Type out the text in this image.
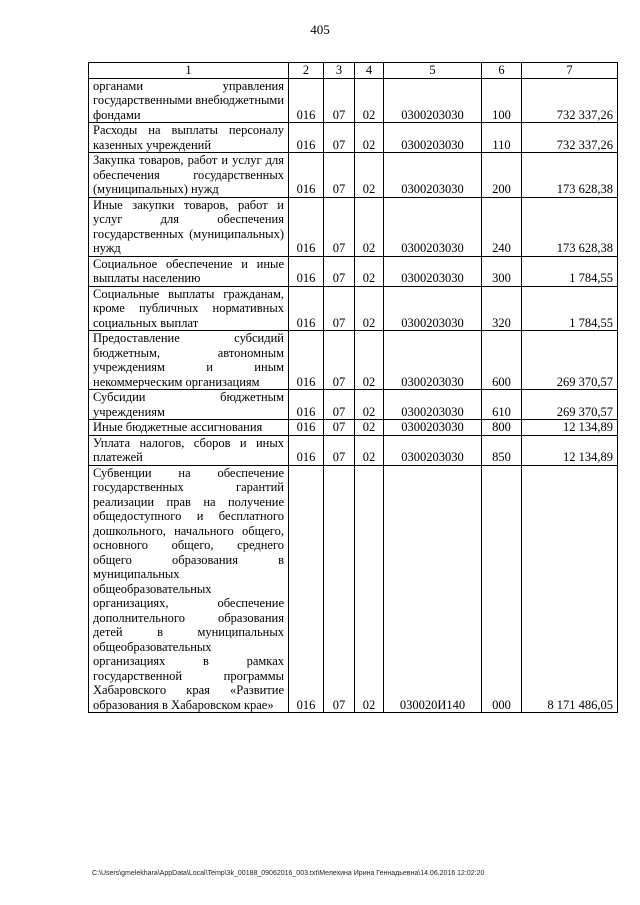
405
1	2	3	4	5	6	7
органами управления государственными внебюджетными фондами	016	07	02	0300203030	100	732 337,26
Расходы на выплаты персоналу казенных учреждений	016	07	02	0300203030	110	732 337,26
Закупка товаров, работ и услуг для обеспечения государственных (муниципальных) нужд	016	07	02	0300203030	200	173 628,38
Иные закупки товаров, работ и услуг для обеспечения государственных (муниципальных) нужд	016	07	02	0300203030	240	173 628,38
Социальное обеспечение и иные выплаты населению	016	07	02	0300203030	300	1 784,55
Социальные выплаты гражданам, кроме публичных нормативных социальных выплат	016	07	02	0300203030	320	1 784,55
Предоставление субсидий бюджетным, автономным учреждениям и иным некоммерческим организациям	016	07	02	0300203030	600	269 370,57
Субсидии бюджетным учреждениям	016	07	02	0300203030	610	269 370,57
Иные бюджетные ассигнования	016	07	02	0300203030	800	12 134,89
Уплата налогов, сборов и иных платежей	016	07	02	0300203030	850	12 134,89
Субвенции на обеспечение государственных гарантий реализации прав на получение общедоступного и бесплатного дошкольного, начального общего, основного общего, среднего общего образования в муниципальных общеобразовательных организациях, обеспечение дополнительного образования детей в муниципальных общеобразовательных организациях в рамках государственной программы Хабаровского края «Развитие образования в Хабаровском крае»	016	07	02	030020И140	000	8 171 486,05
C:\Users\gmelekhara\AppData\Local\Temp\3k_00188_09062016_003.txt\Мелехина Ирина Геннадьевна\14.06.2016 12:02:20
